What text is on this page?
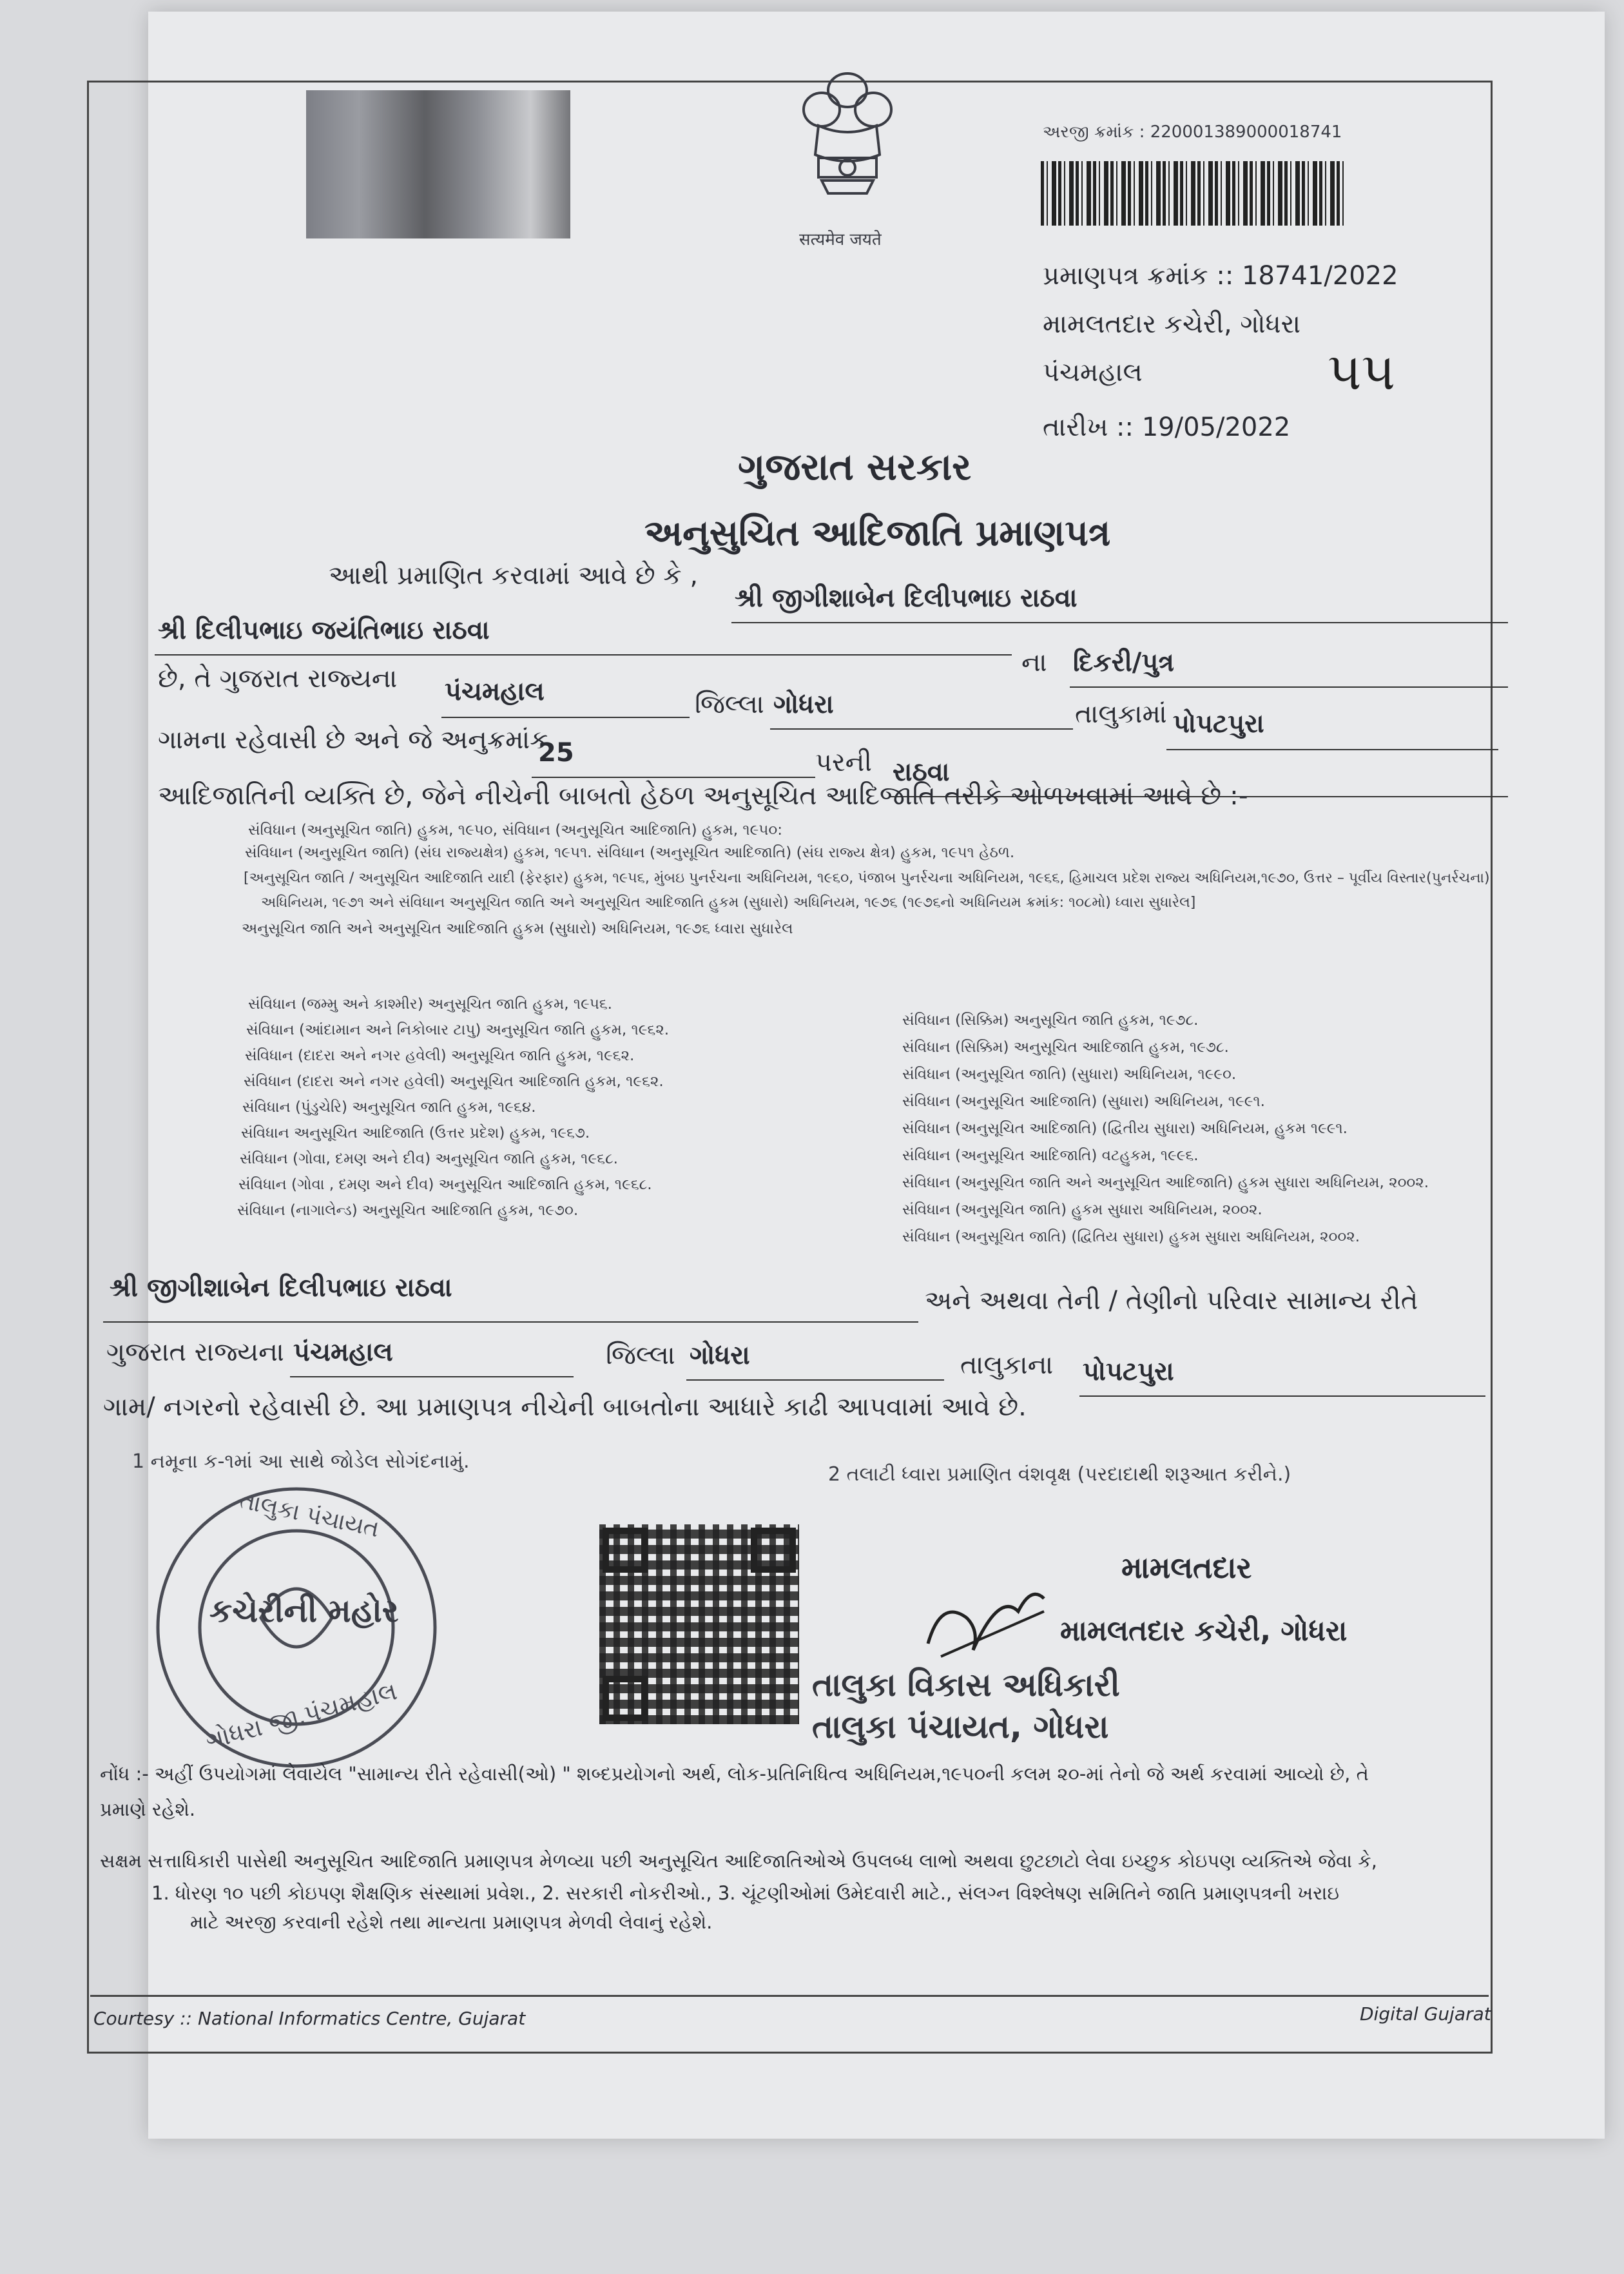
सत्यमेव जयते
અરજી ક્રમાંક : 220001389000018741
પ્રમાણપત્ર ક્રમાંક :: 18741/2022
મામલતદાર કચેરી, ગોધરા
પંચમહાલ	૫૫
તારીખ :: 19/05/2022
ગુજરાત સરકાર
અનુસુચિત આદિજાતિ પ્રમાણપત્ર
આથી પ્રમાણિત કરવામાં આવે છે કે ,
શ્રી જીગીશાબેન દિલીપભાઇ રાઠવા
શ્રી દિલીપભાઇ જયંતિભાઇ રાઠવા
ના દિકરી/પુત્ર
છે, તે ગુજરાત રાજ્યના પંચમહાલ	જિલ્લા ગોધરા	તાલુકામાં પોપટપુરા
ગામના રહેવાસી છે અને જે અનુક્રમાંક
25	પરની રાઠવા
આદિજાતિની વ્યક્તિ છે, જેને નીચેની બાબતો હેઠળ અનુસૂચિત આદિજાતિ તરીકે ઓળખવામાં આવે છે :-
સંવિધાન (અનુસૂચિત જાતિ) હુકમ, ૧૯૫૦, સંવિધાન (અનુસૂચિત આદિજાતિ) હુકમ, ૧૯૫૦:
સંવિધાન (અનુસૂચિત જાતિ) (સંઘ રાજ્યક્ષેત્ર) હુકમ, ૧૯૫૧. સંવિધાન (અનુસૂચિત આદિજાતિ) (સંઘ રાજ્ય ક્ષેત્ર) હુકમ, ૧૯૫૧ હેઠળ.
[અનુસૂચિત જાતિ / અનુસૂચિત આદિજાતિ યાદી (ફેરફાર) હુકમ, ૧૯૫૬, મુંબઇ પુનર્રચના અધિનિયમ, ૧૯૬૦, પંજાબ પુનર્રચના અધિનિયમ, ૧૯૬૬, હિમાચલ પ્રદેશ રાજ્ય અધિનિયમ,૧૯૭૦, ઉત્તર – પૂર્વીય વિસ્તાર(પુનર્રચના)
અધિનિયમ, ૧૯૭૧ અને સંવિધાન અનુસૂચિત જાતિ અને અનુસૂચિત આદિજાતિ હુકમ (સુધારો) અધિનિયમ, ૧૯૭૬ (૧૯૭૬નો અધિનિયમ ક્રમાંક: ૧૦૮મો) ધ્વારા સુધારેલ]
અનુસૂચિત જાતિ અને અનુસૂચિત આદિજાતિ હુકમ (સુધારો) અધિનિયમ, ૧૯૭૬ ધ્વારા સુધારેલ
સંવિધાન (જમ્મુ અને કાશ્મીર) અનુસૂચિત જાતિ હુકમ, ૧૯૫૬.
સંવિધાન (આંદામાન અને નિકોબાર ટાપુ) અનુસૂચિત જાતિ હુકમ, ૧૯૬૨.
સંવિધાન (દાદરા અને નગર હવેલી) અનુસૂચિત જાતિ હુકમ, ૧૯૬૨.
સંવિધાન (દાદરા અને નગર હવેલી) અનુસૂચિત આદિજાતિ હુકમ, ૧૯૬૨.
સંવિધાન (પુંડુચેરિ) અનુસૂચિત જાતિ હુકમ, ૧૯૬૪.
સંવિધાન અનુસૂચિત આદિજાતિ (ઉત્તર પ્રદેશ) હુકમ, ૧૯૬૭.
સંવિધાન (ગોવા, દમણ અને દીવ) અનુસૂચિત જાતિ હુકમ, ૧૯૬૮.
સંવિધાન (ગોવા , દમણ અને દીવ) અનુસૂચિત આદિજાતિ હુકમ, ૧૯૬૮.
સંવિધાન (નાગાલેન્ડ) અનુસૂચિત આદિજાતિ હુકમ, ૧૯૭૦.
સંવિધાન (સિક્કિમ) અનુસૂચિત જાતિ હુકમ, ૧૯૭૮.
સંવિધાન (સિક્કિમ) અનુસૂચિત આદિજાતિ હુકમ, ૧૯૭૮.
સંવિધાન (અનુસૂચિત જાતિ) (સુધારા) અધિનિયમ, ૧૯૯૦.
સંવિધાન (અનુસૂચિત આદિજાતિ) (સુધારા) અધિનિયમ, ૧૯૯૧.
સંવિધાન (અનુસૂચિત આદિજાતિ) (દ્વિતીય સુધારા) અધિનિયમ, હુકમ ૧૯૯૧.
સંવિધાન (અનુસૂચિત આદિજાતિ) વટહુકમ, ૧૯૯૬.
સંવિધાન (અનુસૂચિત જાતિ અને અનુસૂચિત આદિજાતિ) હુકમ સુધારા અધિનિયમ, ૨૦૦૨.
સંવિધાન (અનુસૂચિત જાતિ) હુકમ સુધારા અધિનિયમ, ૨૦૦૨.
સંવિધાન (અનુસૂચિત જાતિ) (દ્વિતિય સુધારા) હુકમ સુધારા અધિનિયમ, ૨૦૦૨.
શ્રી જીગીશાબેન દિલીપભાઇ રાઠવા	અને અથવા તેની / તેણીનો પરિવાર સામાન્ય રીતે
ગુજરાત રાજ્યના પંચમહાલ	જિલ્લા ગોધરા	તાલુકાના પોપટપુરા
ગામ/ નગરનો રહેવાસી છે. આ પ્રમાણપત્ર નીચેની બાબતોના આધારે કાઢી આપવામાં આવે છે.
1 નમૂના ક-૧માં આ સાથે જોડેલ સોગંદનામું.
2 તલાટી ધ્વારા પ્રમાણિત વંશવૃક્ષ (પરદાદાથી શરૂઆત કરીને.)
તાલુકા પંચાયત
કચેરીની મહોર
ગોધરા જી.પંચમહાલ
મામલતદાર
મામલતદાર કચેરી, ગોધરા
તાલુકા વિકાસ અધિકારી
તાલુકા પંચાયત, ગોધરા
નોંધ :- અહીં ઉપયોગમાં લેવાયેલ "સામાન્ય રીતે રહેવાસી(ઓ) " શબ્દપ્રયોગનો અર્થ, લોક-પ્રતિનિધિત્વ અધિનિયમ,૧૯૫૦ની કલમ ૨૦-માં તેનો જે અર્થ કરવામાં આવ્યો છે, તે
પ્રમાણે રહેશે.
સક્ષમ સત્તાધિકારી પાસેથી અનુસૂચિત આદિજાતિ પ્રમાણપત્ર મેળવ્યા પછી અનુસૂચિત આદિજાતિઓએ ઉપલબ્ધ લાભો અથવા છુટછાટો લેવા ઇચ્છુક કોઇપણ વ્યક્તિએ જેવા કે,
1. ધોરણ ૧૦ પછી કોઇપણ શૈક્ષણિક સંસ્થામાં પ્રવેશ., 2. સરકારી નોકરીઓ., 3. ચૂંટણીઓમાં ઉમેદવારી માટે., સંલગ્ન વિશ્લેષણ સમિતિને જાતિ પ્રમાણપત્રની ખરાઇ
માટે અરજી કરવાની રહેશે તથા માન્યતા પ્રમાણપત્ર મેળવી લેવાનું રહેશે.
Courtesy :: National Informatics Centre, Gujarat	Digital Gujarat
